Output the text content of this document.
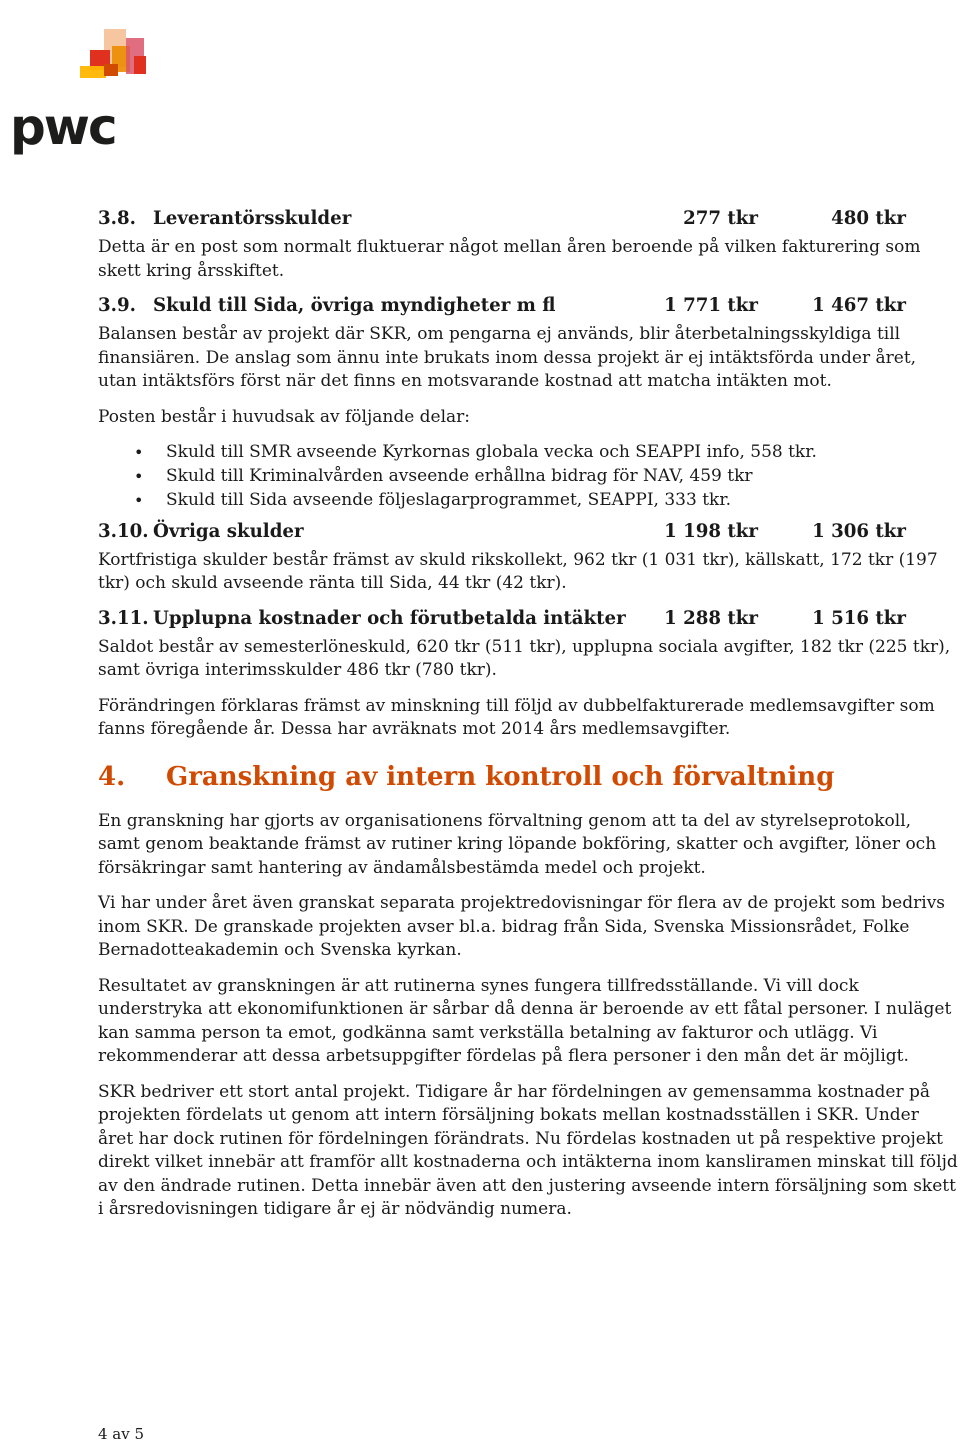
pwc
3.8. Leverantörsskulder	277 tkr	480 tkr

Detta är en post som normalt fluktuerar något mellan åren beroende på vilken fakturering som skett kring årsskiftet.

3.9. Skuld till Sida, övriga myndigheter m fl	1 771 tkr	1 467 tkr

Balansen består av projekt där SKR, om pengarna ej används, blir återbetalningsskyldiga till finansiären. De anslag som ännu inte brukats inom dessa projekt är ej intäktsförda under året, utan intäktsförs först när det finns en motsvarande kostnad att matcha intäkten mot.

Posten består i huvudsak av följande delar:

• Skuld till SMR avseende Kyrkornas globala vecka och SEAPPI info, 558 tkr.
• Skuld till Kriminalvården avseende erhållna bidrag för NAV, 459 tkr
• Skuld till Sida avseende följeslagarprogrammet, SEAPPI, 333 tkr.
3.10. Övriga skulder	1 198 tkr	1 306 tkr

Kortfristiga skulder består främst av skuld rikskollekt, 962 tkr (1 031 tkr), källskatt, 172 tkr (197 tkr) och skuld avseende ränta till Sida, 44 tkr (42 tkr).

3.11. Upplupna kostnader och förutbetalda intäkter 1 288 tkr	1 516 tkr

Saldot består av semesterlöneskuld, 620 tkr (511 tkr), upplupna sociala avgifter, 182 tkr (225 tkr), samt övriga interimsskulder 486 tkr (780 tkr).

Förändringen förklaras främst av minskning till följd av dubbelfakturerade medlemsavgifter som fanns föregående år. Dessa har avräknats mot 2014 års medlemsavgifter.

4. Granskning av intern kontroll och förvaltning

En granskning har gjorts av organisationens förvaltning genom att ta del av styrelseprotokoll, samt genom beaktande främst av rutiner kring löpande bokföring, skatter och avgifter, löner och försäkringar samt hantering av ändamålsbestämda medel och projekt.

Vi har under året även granskat separata projektredovisningar för flera av de projekt som bedrivs inom SKR. De granskade projekten avser bl.a. bidrag från Sida, Svenska Missionsrådet, Folke Bernadotteakademin och Svenska kyrkan.

Resultatet av granskningen är att rutinerna synes fungera tillfredsställande. Vi vill dock understryka att ekonomifunktionen är sårbar då denna är beroende av ett fåtal personer. I nuläget kan samma person ta emot, godkänna samt verkställa betalning av fakturor och utlägg. Vi rekommenderar att dessa arbetsuppgifter fördelas på flera personer i den mån det är möjligt.

SKR bedriver ett stort antal projekt. Tidigare år har fördelningen av gemensamma kostnader på projekten fördelats ut genom att intern försäljning bokats mellan kostnadsställen i SKR. Under året har dock rutinen för fördelningen förändrats. Nu fördelas kostnaden ut på respektive projekt direkt vilket innebär att framför allt kostnaderna och intäkterna inom kansliramen minskat till följd av den ändrade rutinen. Detta innebär även att den justering avseende intern försäljning som skett i årsredovisningen tidigare år ej är nödvändig numera.

4 av 5
